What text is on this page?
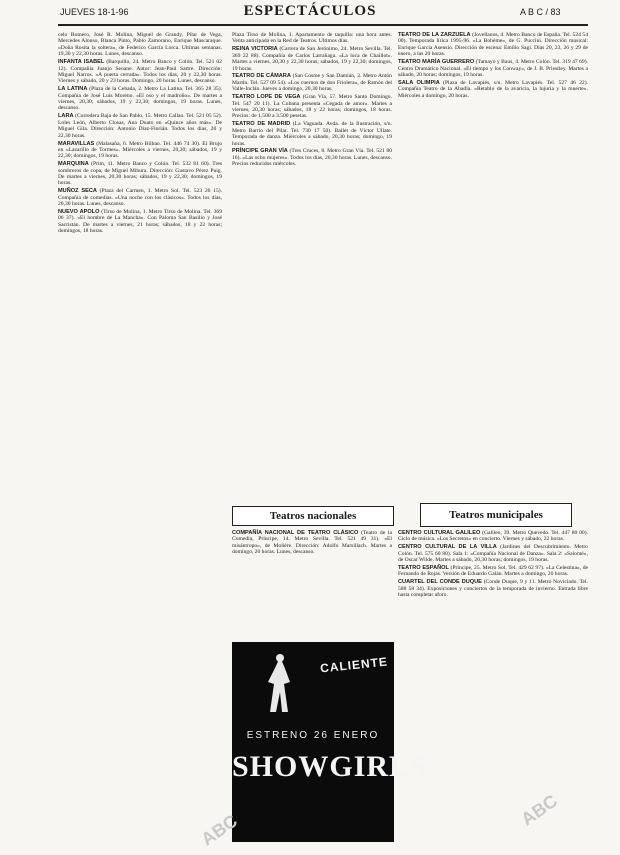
JUEVES 18-1-96	ESPECTÁCULOS	A B C / 83
celo Romero, José R. Molina, Miguel de Grandy, Pilar de Vega, Mercedes Alonso, Blanca Pinto, Pablo Zamorano, Enrique Mascaraque. «Doña Rosita la soltera», de Federico García Lorca. Ultimas semanas. 19,30 y 22,30 horas. Lunes, descanso.
INFANTA ISABEL (Barquillo, 24. Metro Banco y Colón. Tel. 521 02 12). Compañía Juanjo Seoane. Autor: Jean-Paul Sartre. Dirección: Miguel Narros. «A puerta cerrada». Todos los días, 20 y 22,30 horas. Viernes y sábado, 20 y 23 horas. Domingo, 20 horas. Lunes, descanso.
LA LATINA (Plaza de la Cebada, 2. Metro La Latina. Tel. 365 28 35). Compañía de José Luis Moreno. «El oso y el madroño». De martes a viernes, 20,30; sábados, 19 y 22,30; domingos, 19 horas. Lunes, descanso.
LARA (Corredera Baja de San Pablo, 15. Metro Callao. Tel. 521 05 52). Loles León, Alberto Closas, Ana Duato en «Quince años más». De Miguel Gila. Dirección: Antonio Díaz-Florián. Todos los días, 20 y 22,30 horas.
MARAVILLAS (Malasaña, 6. Metro Bilbao. Tel. 446 74 30). El Brujo en «Lazarillo de Tormes». Miércoles a viernes, 20,30; sábados, 19 y 22,30; domingos, 19 horas.
MARQUINA (Prim, 11. Metro Banco y Colón. Tel. 532 81 60). Tres sombreros de copa, de Miguel Mihura. Dirección: Gustavo Pérez Puig. De martes a viernes, 20,30 horas; sábados, 19 y 22,30; domingos, 19 horas.
MUÑOZ SECA (Plaza del Carmen, 1. Metro Sol. Tel. 523 26 15). Compañía de comedias. «Una noche con los clásicos». Todos los días, 20,30 horas. Lunes, descanso.
NUEVO APOLO (Tirso de Molina, 1. Metro Tirso de Molina. Tel. 369 06 37). «El hombre de La Mancha». Con Paloma San Basilio y José Sacristán. De martes a viernes, 21 horas; sábados, 18 y 22 horas; domingos, 18 horas.
Plaza Tirso de Molina, 1. Apartamento de taquilla: una hora antes. Venta anticipada en la Red de Teatros. Ultimos días.
REINA VICTORIA (Carrera de San Jerónimo, 24. Metro Sevilla. Tel. 369 22 88). Compañía de Carlos Larrañaga. «La loca de Chaillot». Martes a viernes, 20,30 y 22,30 horas; sábados, 19 y 22,30; domingos, 19 horas.
TEATRO DE CÁMARA (San Cosme y San Damián, 3. Metro Antón Martín. Tel. 527 09 54). «Los cuernos de don Friolera», de Ramón del Valle-Inclán. Jueves a domingo, 20,30 horas.
TEATRO LOPE DE VEGA (Gran Vía, 57. Metro Santo Domingo. Tel. 547 20 11). La Cubana presenta «Cegada de amor». Martes a viernes, 20,30 horas; sábados, 18 y 22 horas; domingos, 18 horas. Precios: de 1.500 a 3.500 pesetas.
TEATRO DE MADRID (La Vaguada. Avda. de la Ilustración, s/n. Metro Barrio del Pilar. Tel. 730 17 50). Ballet de Víctor Ullate. Temporada de danza. Miércoles a sábado, 20,30 horas; domingo, 19 horas.
PRÍNCIPE GRAN VÍA (Tres Cruces, 8. Metro Gran Vía. Tel. 521 80 16). «Las ocho mujeres». Todos los días, 20,30 horas. Lunes, descanso. Precios reducidos miércoles.
TEATRO DE LA ZARZUELA (Jovellanos, 4. Metro Banco de España. Tel. 524 54 00). Temporada lírica 1995-96. «La Bohème», de G. Puccini. Dirección musical: Enrique García Asensio. Dirección de escena: Emilio Sagi. Días 20, 23, 26 y 29 de enero, a las 20 horas.
TEATRO MARÍA GUERRERO (Tamayo y Baus, 4. Metro Colón. Tel. 319 47 69). Centro Dramático Nacional. «El tiempo y los Conway», de J. B. Priestley. Martes a sábado, 20 horas; domingos, 19 horas.
SALA OLIMPIA (Plaza de Lavapiés, s/n. Metro Lavapiés. Tel. 527 46 22). Compañía Teatro de la Abadía. «Retablo de la avaricia, la lujuria y la muerte». Miércoles a domingo, 20 horas.
Teatros nacionales
COMPAÑÍA NACIONAL DE TEATRO CLÁSICO (Teatro de la Comedia, Príncipe, 14. Metro Sevilla. Tel. 521 49 31). «El misántropo», de Molière. Dirección: Adolfo Marsillach. Martes a domingo, 20 horas. Lunes, descanso.
Teatros municipales
CENTRO CULTURAL GALILEO (Galileo, 39. Metro Quevedo. Tel. 447 80 00). Ciclo de música. «Los Secretos» en concierto. Viernes y sábado, 22 horas.
CENTRO CULTURAL DE LA VILLA (Jardines del Descubrimiento. Metro Colón. Tel. 575 60 80). Sala 1: «Compañía Nacional de Danza». Sala 2: «Salomé», de Oscar Wilde. Martes a sábado, 20,30 horas; domingos, 19 horas.
TEATRO ESPAÑOL (Príncipe, 25. Metro Sol. Tel. 429 62 97). «La Celestina», de Fernando de Rojas. Versión de Eduardo Galán. Martes a domingo, 20 horas.
CUARTEL DEL CONDE DUQUE (Conde Duque, 9 y 11. Metro Noviciado. Tel. 588 58 34). Exposiciones y conciertos de la temporada de invierno. Entrada libre hasta completar aforo.
CALIENTE
ESTRENO 26 ENERO
SHOWGIRLS
ABC
ABC
